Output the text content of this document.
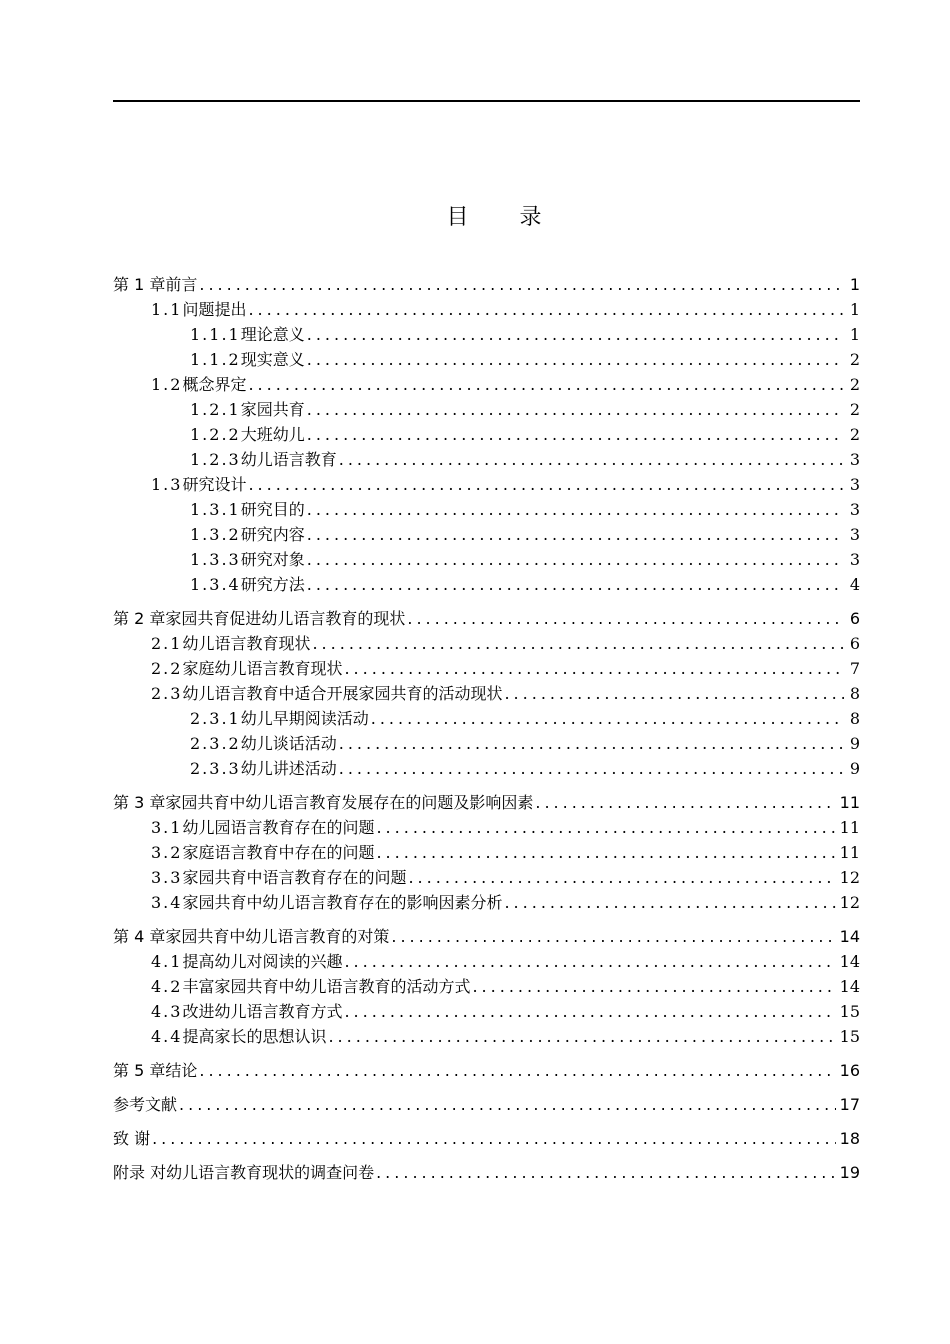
目 录
第 1 章 前言 .....	1
1.1 问题提出 .....	1
1.1.1 理论意义 .....	1
1.1.2 现实意义 .....	2
1.2 概念界定 .....	2
1.2.1 家园共育 .....	2
1.2.2 大班幼儿 .....	2
1.2.3 幼儿语言教育 .....	3
1.3 研究设计 .....	3
1.3.1 研究目的 .....	3
1.3.2 研究内容 .....	3
1.3.3 研究对象 .....	3
1.3.4 研究方法 .....	4
第 2 章 家园共育促进幼儿语言教育的现状 .....	6
2.1 幼儿语言教育现状 .....	6
2.2 家庭幼儿语言教育现状 .....	7
2.3 幼儿语言教育中适合开展家园共育的活动现状 .....	8
2.3.1 幼儿早期阅读活动 .....	8
2.3.2 幼儿谈话活动 .....	9
2.3.3 幼儿讲述活动 .....	9
第 3 章 家园共育中幼儿语言教育发展存在的问题及影响因素 .....	11
3.1 幼儿园语言教育存在的问题 .....	11
3.2 家庭语言教育中存在的问题 .....	11
3.3 家园共育中语言教育存在的问题 .....	12
3.4 家园共育中幼儿语言教育存在的影响因素分析 .....	12
第 4 章 家园共育中幼儿语言教育的对策 .....	14
4.1 提高幼儿对阅读的兴趣 .....	14
4.2 丰富家园共育中幼儿语言教育的活动方式 .....	14
4.3 改进幼儿语言教育方式 .....	15
4.4 提高家长的思想认识 .....	15
第 5 章 结论 .....	16
参考文献 .....	17
致 谢 .....	18
附录 对幼儿语言教育现状的调查问卷 .....	19
